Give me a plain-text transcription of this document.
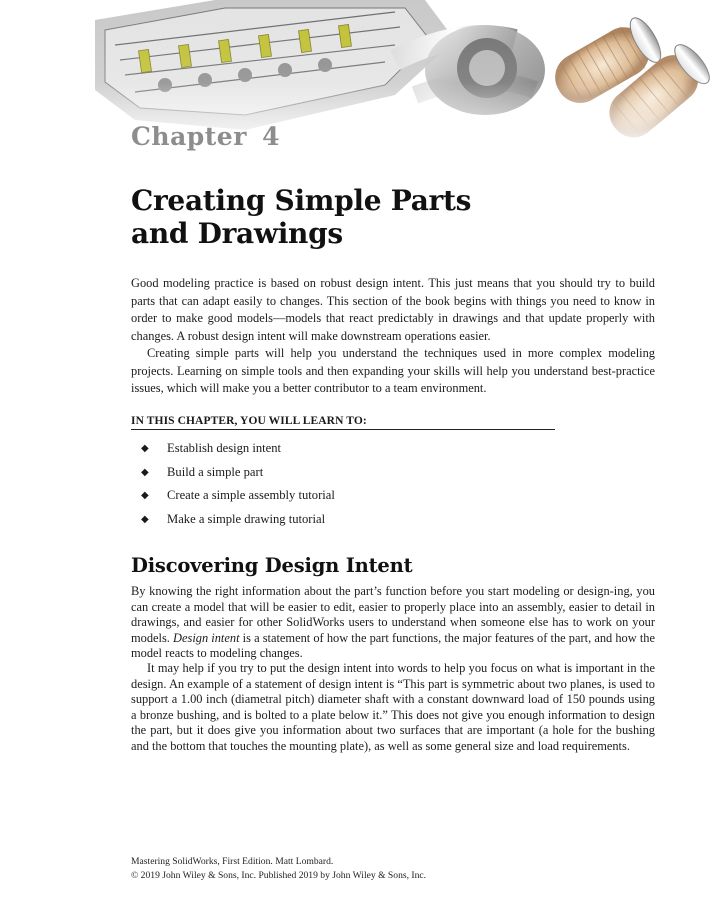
Chapter 4
Creating Simple Parts
and Drawings

Good modeling practice is based on robust design intent. This just means that you should try to build parts that can adapt easily to changes. This section of the book begins with things you need to know in order to make good models—models that react predictably in drawings and that update properly with changes. A robust design intent will make downstream operations easier.

Creating simple parts will help you understand the techniques used in more complex modeling projects. Learning on simple tools and then expanding your skills will help you understand best-practice issues, which will make you a better contributor to a team environment.

IN THIS CHAPTER, YOU WILL LEARN TO:
◆	Establish design intent
◆	Build a simple part
◆	Create a simple assembly tutorial
◆	Make a simple drawing tutorial
Discovering Design Intent

By knowing the right information about the part’s function before you start modeling or design-ing, you can create a model that will be easier to edit, easier to properly place into an assembly, easier to detail in drawings, and easier for other SolidWorks users to understand when someone else has to work on your models. Design intent is a statement of how the part functions, the major features of the part, and how the model reacts to modeling changes.

It may help if you try to put the design intent into words to help you focus on what is important in the design. An example of a statement of design intent is “This part is symmetric about two planes, is used to support a 1.00 inch (diametral pitch) diameter shaft with a constant downward load of 150 pounds using a bronze bushing, and is bolted to a plate below it.” This does not give you enough information to design the part, but it does give you information about two surfaces that are important (a hole for the bushing and the bottom that touches the mounting plate), as well as some general size and load requirements.

Mastering SolidWorks, First Edition. Matt Lombard.
© 2019 John Wiley & Sons, Inc. Published 2019 by John Wiley & Sons, Inc.
